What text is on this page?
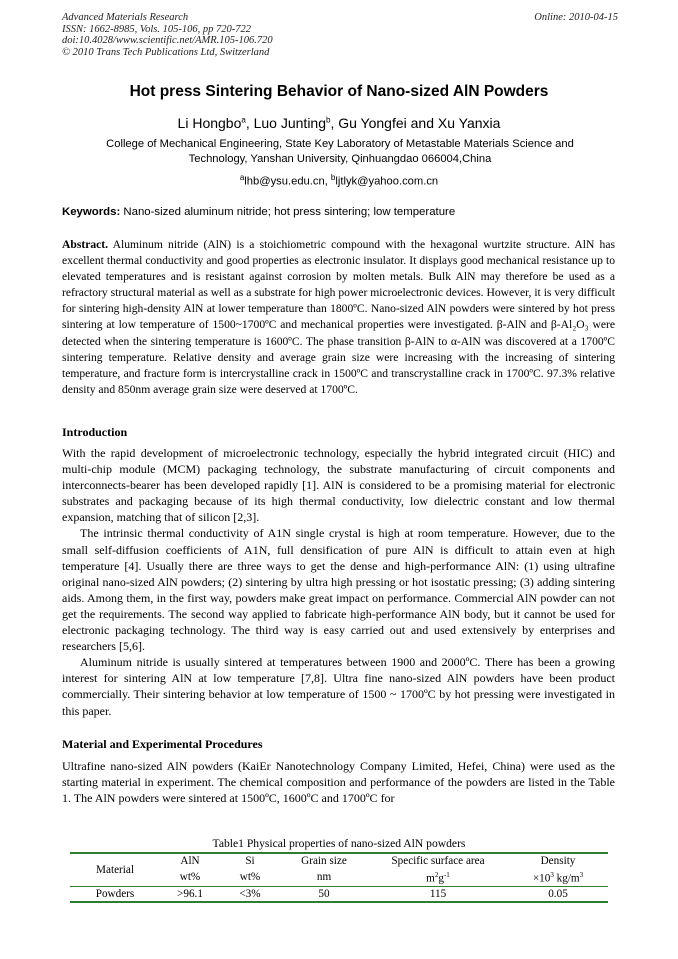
Advanced Materials Research
ISSN: 1662-8985, Vols. 105-106, pp 720-722
doi:10.4028/www.scientific.net/AMR.105-106.720
© 2010 Trans Tech Publications Ltd, Switzerland
Online: 2010-04-15
Hot press Sintering Behavior of Nano-sized AlN Powders
Li Hongbo$^a$, Luo Junting$^b$, Gu Yongfei and Xu Yanxia
College of Mechanical Engineering, State Key Laboratory of Metastable Materials Science and
Technology, Yanshan University, Qinhuangdao 066004,China
$^a$lhb@ysu.edu.cn, $^b$ljtlyk@yahoo.com.cn
Keywords: Nano-sized aluminum nitride; hot press sintering; low temperature

Abstract. Aluminum nitride (AlN) is a stoichiometric compound with the hexagonal wurtzite structure. AlN has excellent thermal conductivity and good properties as electronic insulator. It displays good mechanical resistance up to elevated temperatures and is resistant against corrosion by molten metals. Bulk AlN may therefore be used as a refractory structural material as well as a substrate for high power microelectronic devices. However, it is very difficult for sintering high-density AlN at lower temperature than 1800ºC. Nano-sized AlN powders were sintered by hot press sintering at low temperature of 1500~1700ºC and mechanical properties were investigated. β-AlN and β-Al₂O₃ were detected when the sintering temperature is 1600ºC. The phase transition β-AlN to α-AlN was discovered at a 1700ºC sintering temperature. Relative density and average grain size were increasing with the increasing of sintering temperature, and fracture form is intercrystalline crack in 1500ºC and transcrystalline crack in 1700ºC. 97.3% relative density and 850nm average grain size were deserved at 1700ºC.

Introduction

With the rapid development of microelectronic technology, especially the hybrid integrated circuit (HIC) and multi-chip module (MCM) packaging technology, the substrate manufacturing of circuit components and interconnects-bearer has been developed rapidly [1]. AlN is considered to be a promising material for electronic substrates and packaging because of its high thermal conductivity, low dielectric constant and low thermal expansion, matching that of silicon [2,3].

The intrinsic thermal conductivity of A1N single crystal is high at room temperature. However, due to the small self-diffusion coefficients of A1N, full densification of pure AlN is difficult to attain even at high temperature [4]. Usually there are three ways to get the dense and high-performance AlN: (1) using ultrafine original nano-sized AlN powders; (2) sintering by ultra high pressing or hot isostatic pressing; (3) adding sintering aids. Among them, in the first way, powders make great impact on performance. Commercial AlN powder can not get the requirements. The second way applied to fabricate high-performance AlN body, but it cannot be used for electronic packaging technology. The third way is easy carried out and used extensively by enterprises and researchers [5,6].

Aluminum nitride is usually sintered at temperatures between 1900 and 2000ºC. There has been a growing interest for sintering AlN at low temperature [7,8]. Ultra fine nano-sized AlN powders have been product commercially. Their sintering behavior at low temperature of 1500 ~ 1700ºC by hot pressing were investigated in this paper.

Material and Experimental Procedures

Ultrafine nano-sized AlN powders (KaiEr Nanotechnology Company Limited, Hefei, China) were used as the starting material in experiment. The chemical composition and performance of the powders are listed in the Table 1. The AlN powders were sintered at 1500ºC, 1600ºC and 1700ºC for

Table1 Physical properties of nano-sized AlN powders
Material	AlN	Si	Grain size	Specific surface area	Density
	wt%	wt%	nm	$m^2g^{-1}$	$\times 10^3$ $kg/m^3$
Powders	>96.1	<3%	50	115	0.05
